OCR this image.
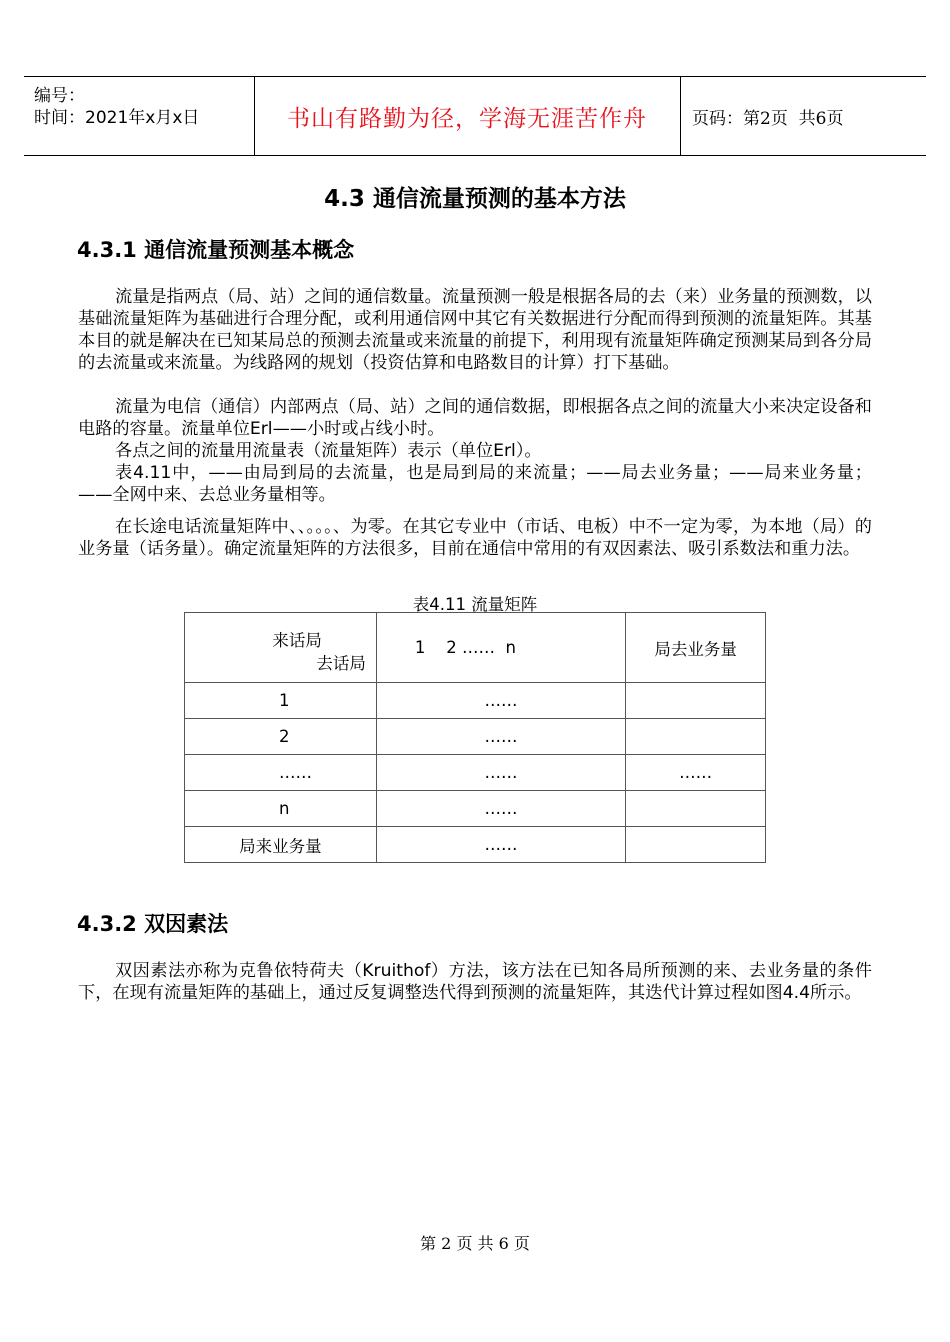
编号：
时间：2021年x月x日	书山有路勤为径，学海无涯苦作舟	页码：第2页  共6页
4.3 通信流量预测的基本方法
4.3.1 通信流量预测基本概念

流量是指两点（局、站）之间的通信数量。流量预测一般是根据各局的去（来）业务量的预测数，以基础流量矩阵为基础进行合理分配，或利用通信网中其它有关数据进行分配而得到预测的流量矩阵。其基本目的就是解决在已知某局总的预测去流量或来流量的前提下，利用现有流量矩阵确定预测某局到各分局的去流量或来流量。为线路网的规划（投资估算和电路数目的计算）打下基础。

流量为电信（通信）内部两点（局、站）之间的通信数据，即根据各点之间的流量大小来决定设备和电路的容量。流量单位Erl——小时或占线小时。

各点之间的流量用流量表（流量矩阵）表示（单位Erl）。

表4.11中，——由局到局的去流量，也是局到局的来流量；——局去业务量；——局来业务量；——全网中来、去总业务量相等。

在长途电话流量矩阵中、、。。。、为零。在其它专业中（市话、电板）中不一定为零，为本地（局）的业务量（话务量）。确定流量矩阵的方法很多，目前在通信中常用的有双因素法、吸引系数法和重力法。

表4.11 流量矩阵
来话局
去话局	1    2 ……  n	局去业务量
1	……	
2	……	
……	……	……
n	……	
局来业务量	……	
4.3.2 双因素法

双因素法亦称为克鲁依特荷夫（Kruithof）方法，该方法在已知各局所预测的来、去业务量的条件下，在现有流量矩阵的基础上，通过反复调整迭代得到预测的流量矩阵，其迭代计算过程如图4.4所示。

第 2 页 共 6 页
